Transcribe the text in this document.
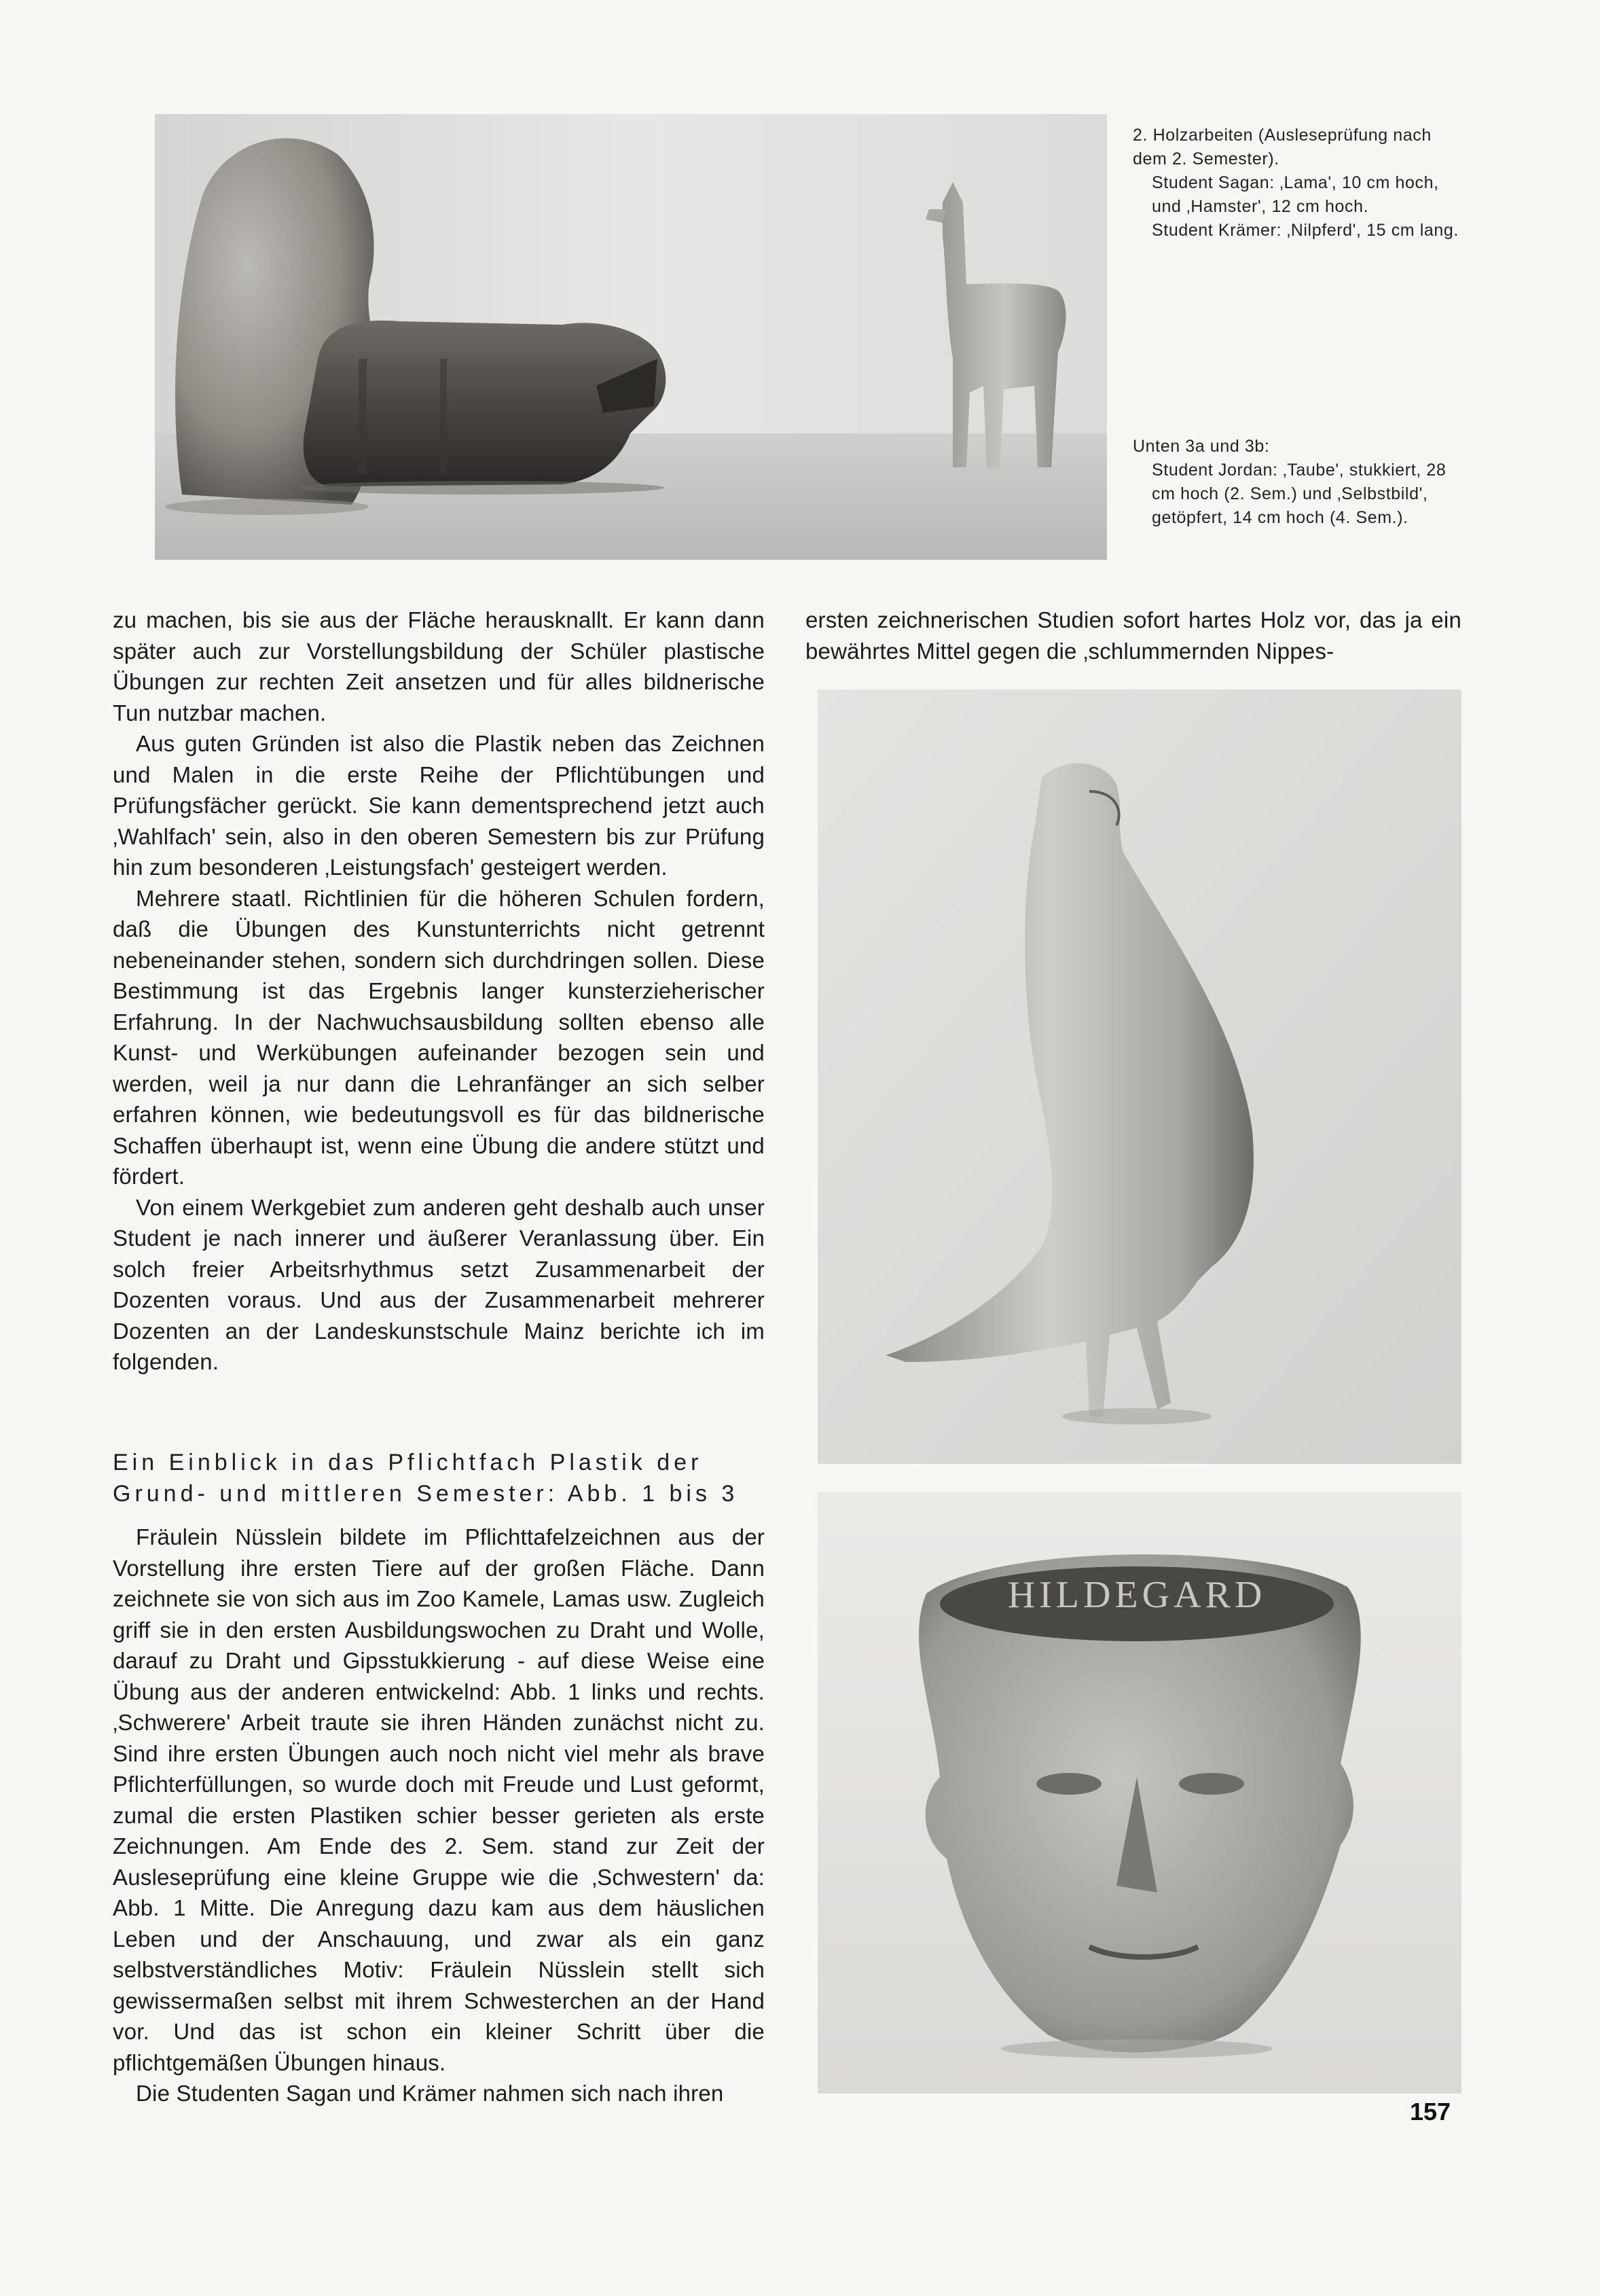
2. Holzarbeiten (Ausleseprüfung nach dem 2. Semester).

Student Sagan: ‚Lama', 10 cm hoch, und ‚Hamster', 12 cm hoch.

Student Krämer: ‚Nilpferd', 15 cm lang.

Unten 3a und 3b:

Student Jordan: ‚Taube', stukkiert, 28 cm hoch (2. Sem.) und ‚Selbstbild', getöpfert, 14 cm hoch (4. Sem.).

zu machen, bis sie aus der Fläche herausknallt. Er kann dann später auch zur Vorstellungsbildung der Schüler plastische Übungen zur rechten Zeit ansetzen und für alles bildnerische Tun nutzbar machen.

Aus guten Gründen ist also die Plastik neben das Zeichnen und Malen in die erste Reihe der Pflichtübungen und Prüfungsfächer gerückt. Sie kann dementsprechend jetzt auch ‚Wahlfach' sein, also in den oberen Semestern bis zur Prüfung hin zum besonderen ‚Leistungsfach' gesteigert werden.

Mehrere staatl. Richtlinien für die höheren Schulen fordern, daß die Übungen des Kunstunterrichts nicht getrennt nebeneinander stehen, sondern sich durchdringen sollen. Diese Bestimmung ist das Ergebnis langer kunsterzieherischer Erfahrung. In der Nachwuchsausbildung sollten ebenso alle Kunst- und Werkübungen aufeinander bezogen sein und werden, weil ja nur dann die Lehranfänger an sich selber erfahren können, wie bedeutungsvoll es für das bildnerische Schaffen überhaupt ist, wenn eine Übung die andere stützt und fördert.

Von einem Werkgebiet zum anderen geht deshalb auch unser Student je nach innerer und äußerer Veranlassung über. Ein solch freier Arbeitsrhythmus setzt Zusammenarbeit der Dozenten voraus. Und aus der Zusammenarbeit mehrerer Dozenten an der Landeskunstschule Mainz berichte ich im folgenden.

Ein Einblick in das Pflichtfach Plastik der

Grund- und mittleren Semester: Abb. 1 bis 3

Fräulein Nüsslein bildete im Pflichttafelzeichnen aus der Vorstellung ihre ersten Tiere auf der großen Fläche. Dann zeichnete sie von sich aus im Zoo Kamele, Lamas usw. Zugleich griff sie in den ersten Ausbildungswochen zu Draht und Wolle, darauf zu Draht und Gipsstukkierung - auf diese Weise eine Übung aus der anderen entwickelnd: Abb. 1 links und rechts. ‚Schwerere' Arbeit traute sie ihren Händen zunächst nicht zu. Sind ihre ersten Übungen auch noch nicht viel mehr als brave Pflichterfüllungen, so wurde doch mit Freude und Lust geformt, zumal die ersten Plastiken schier besser gerieten als erste Zeichnungen. Am Ende des 2. Sem. stand zur Zeit der Ausleseprüfung eine kleine Gruppe wie die ‚Schwestern' da: Abb. 1 Mitte. Die Anregung dazu kam aus dem häuslichen Leben und der Anschauung, und zwar als ein ganz selbstverständliches Motiv: Fräulein Nüsslein stellt sich gewissermaßen selbst mit ihrem Schwesterchen an der Hand vor. Und das ist schon ein kleiner Schritt über die pflichtgemäßen Übungen hinaus.

Die Studenten Sagan und Krämer nahmen sich nach ihren

ersten zeichnerischen Studien sofort hartes Holz vor, das ja ein bewährtes Mittel gegen die ‚schlummernden Nippes-

HILDEGARD
157
